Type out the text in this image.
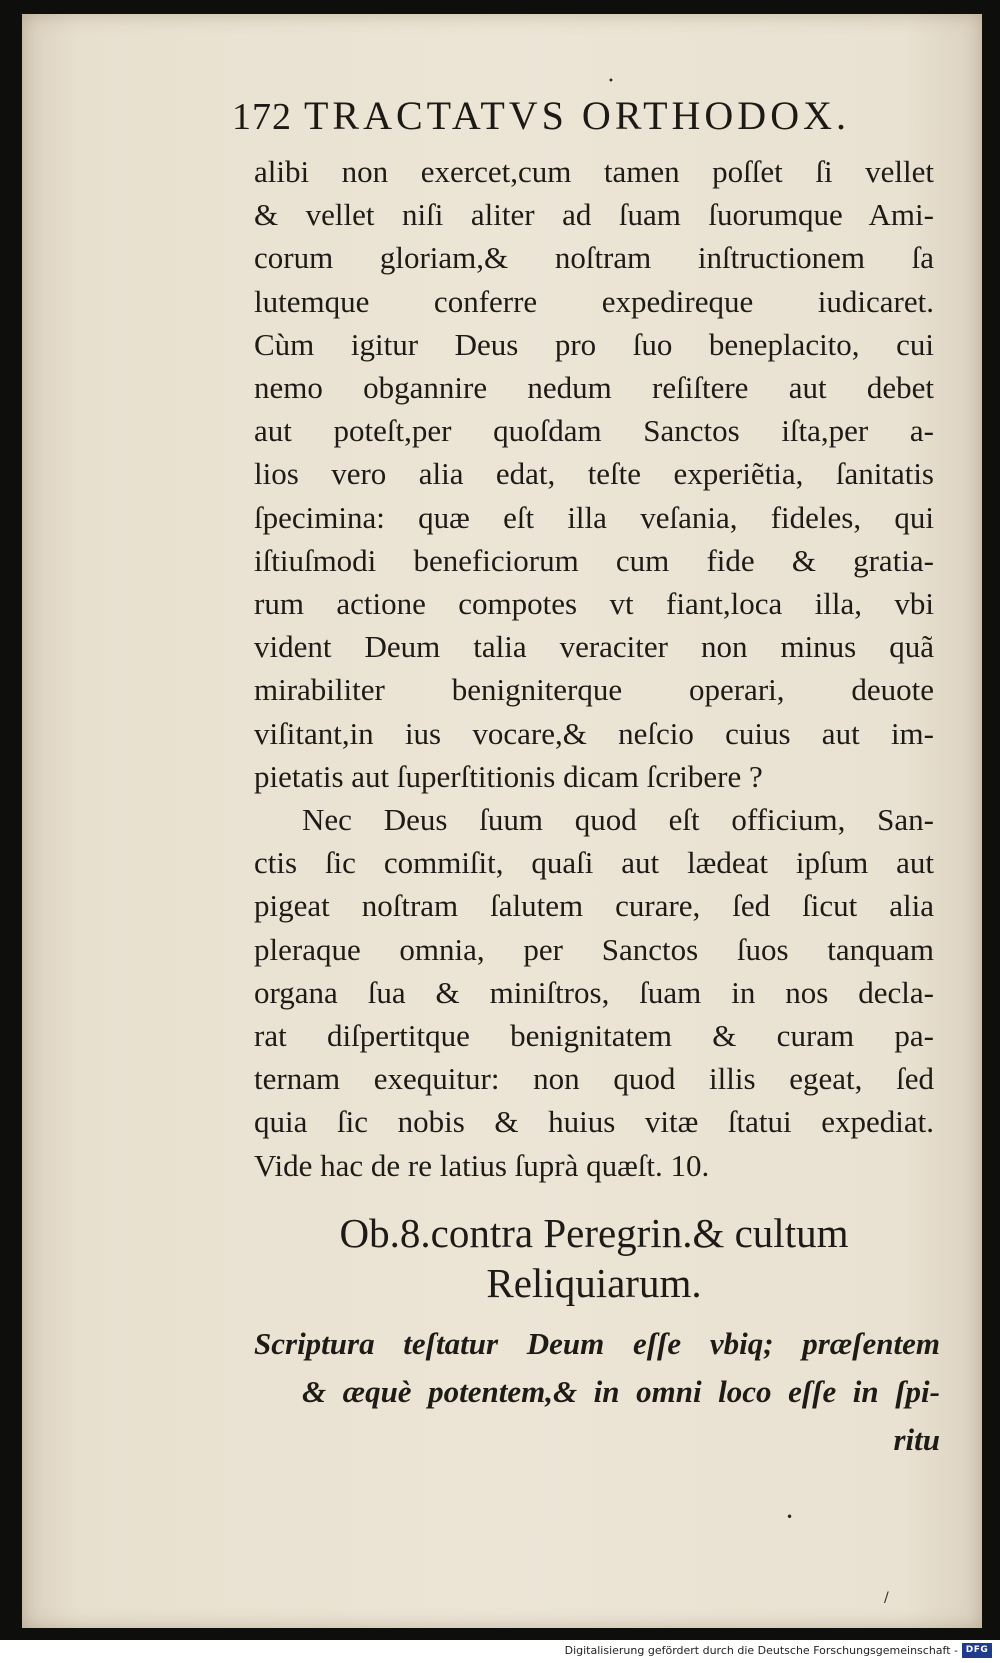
172 TRACTATVS ORTHODOX.
alibi non exercet,cum tamen poſſet ſi vellet
& vellet niſi aliter ad ſuam ſuorumque Ami-
corum gloriam,& noſtram inſtructionem ſa
lutemque conferre expedireque iudicaret.
Cùm igitur Deus pro ſuo beneplacito, cui
nemo obgannire nedum reſiſtere aut debet
aut poteſt,per quoſdam Sanctos iſta,per a-
lios vero alia edat, teſte experiẽtia, ſanitatis
ſpecimina: quæ eſt illa veſania, fideles, qui
iſtiuſmodi beneficiorum cum fide & gratia-
rum actione compotes vt fiant,loca illa, vbi
vident Deum talia veraciter non minus quã
mirabiliter benigniterque operari, deuote
viſitant,in ius vocare,& neſcio cuius aut im-
pietatis aut ſuperſtitionis dicam ſcribere ?
Nec Deus ſuum quod eſt officium, San-
ctis ſic commiſit, quaſi aut lædeat ipſum aut
pigeat noſtram ſalutem curare, ſed ſicut alia
pleraque omnia, per Sanctos ſuos tanquam
organa ſua & miniſtros, ſuam in nos decla-
rat diſpertitque benignitatem & curam pa-
ternam exequitur: non quod illis egeat, ſed
quia ſic nobis & huius vitæ ſtatui expediat.
Vide hac de re latius ſuprà quæſt. 10.
Ob.8.contra Peregrin.& cultum
Reliquiarum.
Scriptura teſtatur Deum eſſe vbiq; præſentem
& æquè potentem,& in omni loco eſſe in ſpi-
ritu
•
•
/
Digitalisierung gefördert durch die Deutsche Forschungsgemeinschaft - DFG
